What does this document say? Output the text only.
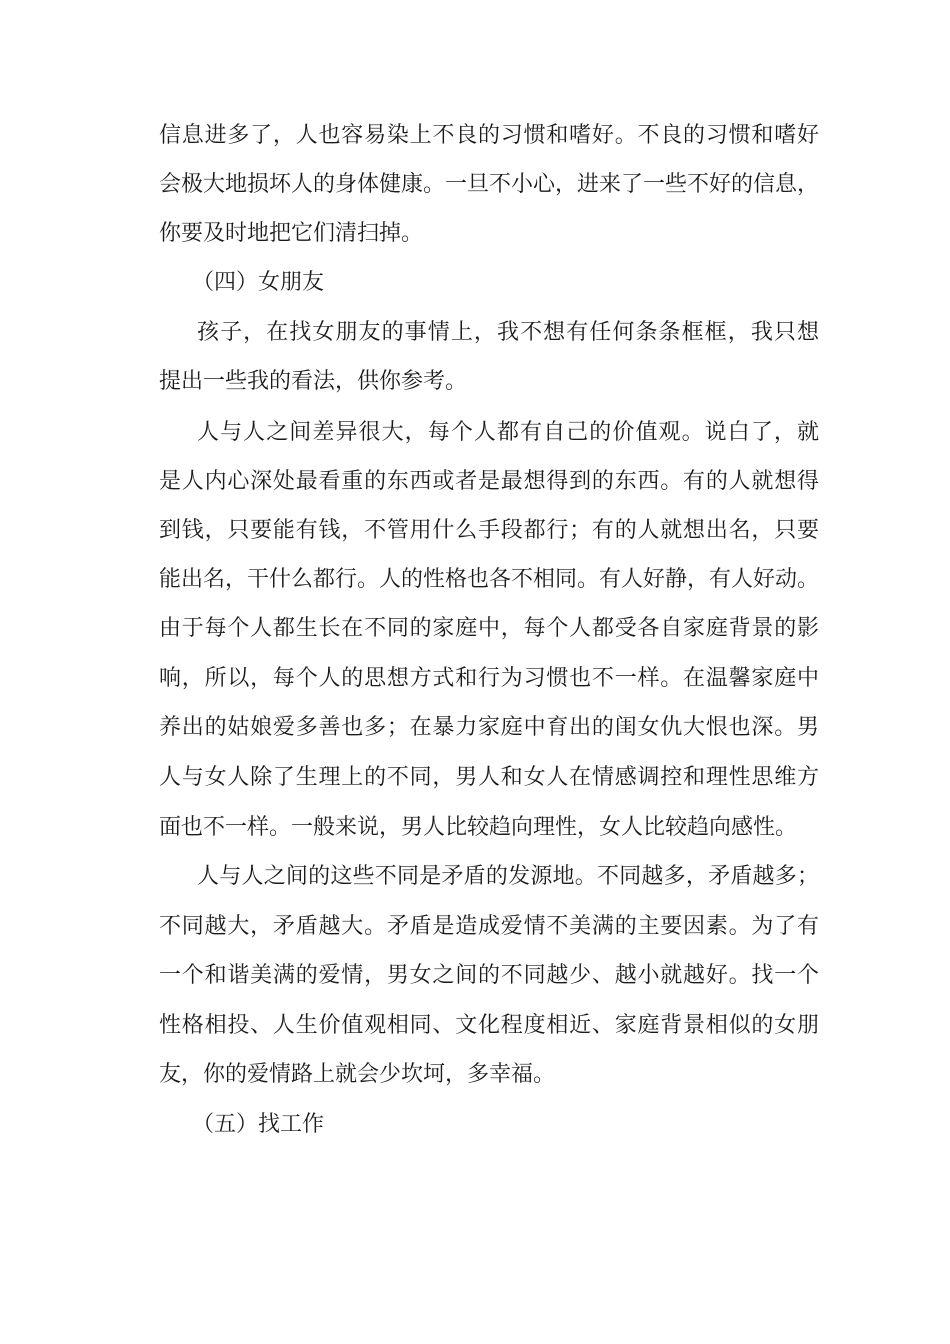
信息进多了，人也容易染上不良的习惯和嗜好。不良的习惯和嗜好
会极大地损坏人的身体健康。一旦不小心，进来了一些不好的信息，
你要及时地把它们清扫掉。
（四）女朋友
孩子，在找女朋友的事情上，我不想有任何条条框框，我只想
提出一些我的看法，供你参考。
人与人之间差异很大，每个人都有自己的价值观。说白了，就
是人内心深处最看重的东西或者是最想得到的东西。有的人就想得
到钱，只要能有钱，不管用什么手段都行；有的人就想出名，只要
能出名，干什么都行。人的性格也各不相同。有人好静，有人好动。
由于每个人都生长在不同的家庭中，每个人都受各自家庭背景的影
响，所以，每个人的思想方式和行为习惯也不一样。在温馨家庭中
养出的姑娘爱多善也多；在暴力家庭中育出的闺女仇大恨也深。男
人与女人除了生理上的不同，男人和女人在情感调控和理性思维方
面也不一样。一般来说，男人比较趋向理性，女人比较趋向感性。
人与人之间的这些不同是矛盾的发源地。不同越多，矛盾越多；
不同越大，矛盾越大。矛盾是造成爱情不美满的主要因素。为了有
一个和谐美满的爱情，男女之间的不同越少、越小就越好。找一个
性格相投、人生价值观相同、文化程度相近、家庭背景相似的女朋
友，你的爱情路上就会少坎坷，多幸福。
（五）找工作
